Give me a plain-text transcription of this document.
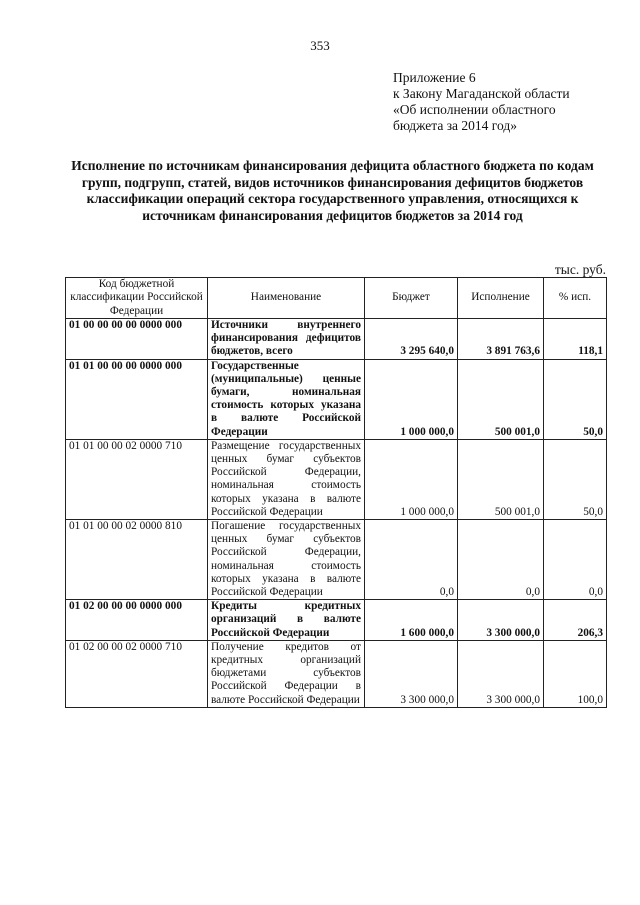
353
Приложение 6
к Закону Магаданской области
«Об исполнении областного
бюджета за 2014 год»
Исполнение по источникам финансирования дефицита областного бюджета по кодам групп, подгрупп, статей, видов источников финансирования дефицитов бюджетов классификации операций сектора государственного управления, относящихся к источникам финансирования дефицитов бюджетов за 2014 год
тыс. руб.
Код бюджетной классификации Российской Федерации	Наименование	Бюджет	Исполнение	% исп.
01 00 00 00 00 0000 000	Источники внутреннего финансирования дефицитов бюджетов, всего	3 295 640,0	3 891 763,6	118,1
01 01 00 00 00 0000 000	Государственные (муниципальные) ценные бумаги, номинальная стоимость которых указана в валюте Российской Федерации	1 000 000,0	500 001,0	50,0
01 01 00 00 02 0000 710	Размещение государственных ценных бумаг субъектов Российской Федерации, номинальная стоимость которых указана в валюте Российской Федерации	1 000 000,0	500 001,0	50,0
01 01 00 00 02 0000 810	Погашение государственных ценных бумаг субъектов Российской Федерации, номинальная стоимость которых указана в валюте Российской Федерации	0,0	0,0	0,0
01 02 00 00 00 0000 000	Кредиты кредитных организаций в валюте Российской Федерации	1 600 000,0	3 300 000,0	206,3
01 02 00 00 02 0000 710	Получение кредитов от кредитных организаций бюджетами субъектов Российской Федерации в валюте Российской Федерации	3 300 000,0	3 300 000,0	100,0
